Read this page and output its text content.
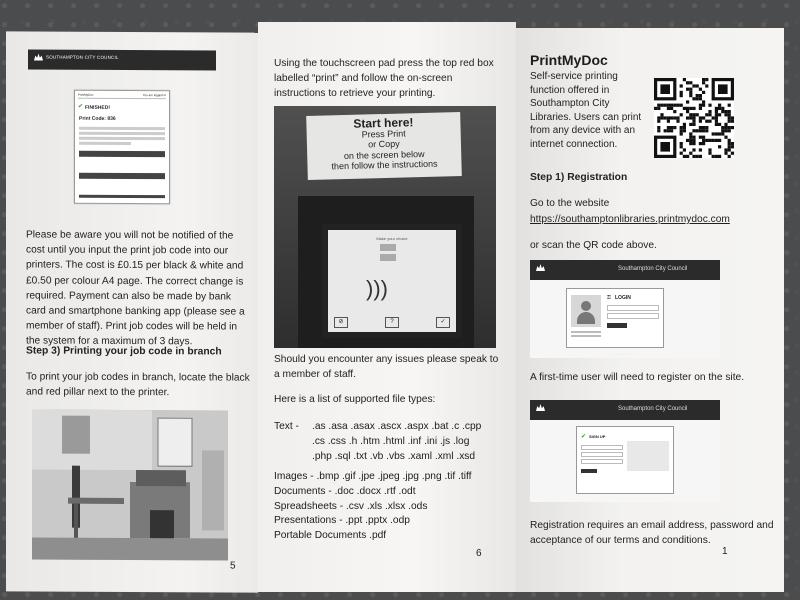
SOUTHAMPTON CITY COUNCIL
PrintMyDoc	You are logged in
✔ FINISHED!
Print Code: 836
Please be aware you will not be notified of the cost until you input the print job code into our printers. The cost is £0.15 per black & white and £0.50 per colour A4 page. The correct change is required. Payment can also be made by bank card and smartphone banking app (please see a member of staff). Print job codes will be held in the system for a maximum of 3 days.
Step 3) Printing your job code in branch
To print your job codes in branch, locate the black and red pillar next to the printer.
5
Using the touchscreen pad press the top red box labelled “print” and follow the on-screen instructions to retrieve your printing.
Start here!
Press Print
or Copy
on the screen below
then follow the instructions
Make your choice
)))
⊘	?	✓
Should you encounter any issues please speak to a member of staff.
Here is a list of supported file types:
Text - .as .asa .asax .ascx .aspx .bat .c .cpp
.cs .css .h .htm .html .inf .ini .js .log
.php .sql .txt .vb .vbs .xaml .xml .xsd
Images - .bmp .gif .jpe .jpeg .jpg .png .tif .tiff
Documents - .doc .docx .rtf .odt
Spreadsheets - .csv .xls .xlsx .ods
Presentations - .ppt .pptx .odp
Portable Documents .pdf
6
PrintMyDoc
Self-service printing function offered in Southampton City Libraries. Users can print from any device with an internet connection.
Step 1) Registration
Go to the website
https://southamptonlibraries.printmydoc.com
or scan the QR code above.
Southampton City Council
⚿ LOGIN
· · · · · · · · · · ·
A first-time user will need to register on the site.
Southampton City Council
✔ SIGN UP
Registration requires an email address, password and acceptance of our terms and conditions.
1
